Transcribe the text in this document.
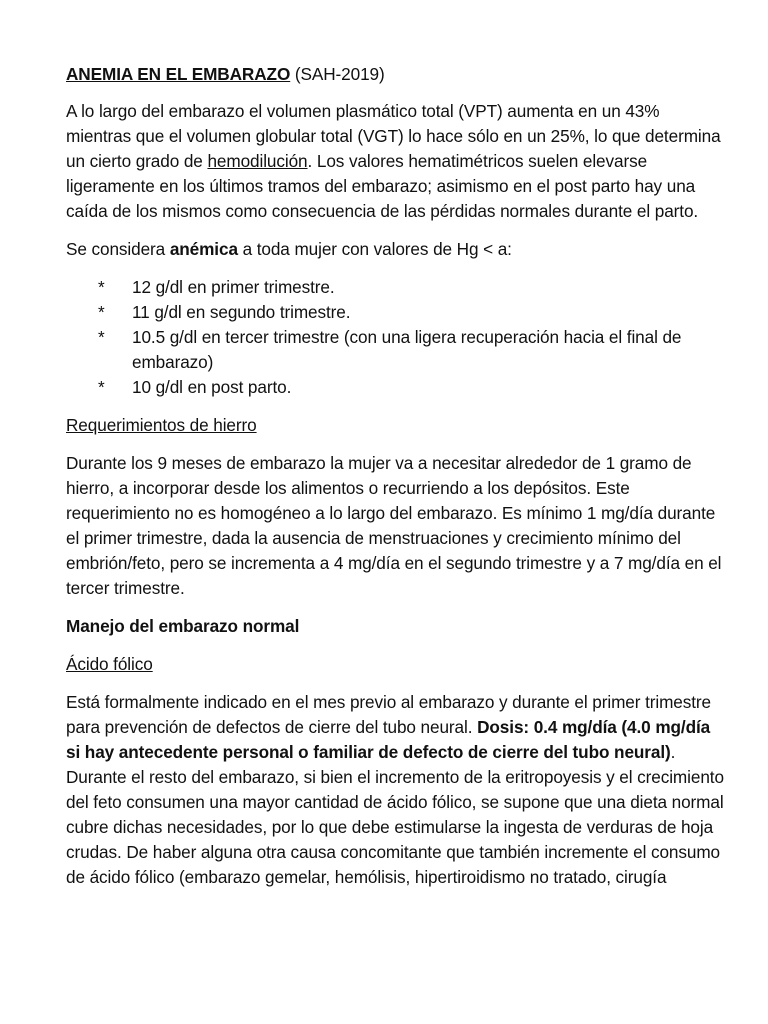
ANEMIA EN EL EMBARAZO (SAH-2019)

A lo largo del embarazo el volumen plasmático total (VPT) aumenta en un 43% mientras que el volumen globular total (VGT) lo hace sólo en un 25%, lo que determina un cierto grado de hemodilución. Los valores hematimétricos suelen elevarse ligeramente en los últimos tramos del embarazo; asimismo en el post parto hay una caída de los mismos como consecuencia de las pérdidas normales durante el parto.

Se considera anémica a toda mujer con valores de Hg < a:

* 12 g/dl en primer trimestre.
* 11 g/dl en segundo trimestre.
* 10.5 g/dl en tercer trimestre (con una ligera recuperación hacia el final de embarazo)
* 10 g/dl en post parto.

Requerimientos de hierro

Durante los 9 meses de embarazo la mujer va a necesitar alrededor de 1 gramo de hierro, a incorporar desde los alimentos o recurriendo a los depósitos. Este requerimiento no es homogéneo a lo largo del embarazo. Es mínimo 1 mg/día durante el primer trimestre, dada la ausencia de menstruaciones y crecimiento mínimo del embrión/feto, pero se incrementa a 4 mg/día en el segundo trimestre y a 7 mg/día en el tercer trimestre.

Manejo del embarazo normal

Ácido fólico

Está formalmente indicado en el mes previo al embarazo y durante el primer trimestre para prevención de defectos de cierre del tubo neural. Dosis: 0.4 mg/día (4.0 mg/día si hay antecedente personal o familiar de defecto de cierre del tubo neural). Durante el resto del embarazo, si bien el incremento de la eritropoyesis y el crecimiento del feto consumen una mayor cantidad de ácido fólico, se supone que una dieta normal cubre dichas necesidades, por lo que debe estimularse la ingesta de verduras de hoja crudas. De haber alguna otra causa concomitante que también incremente el consumo de ácido fólico (embarazo gemelar, hemólisis, hipertiroidismo no tratado, cirugía
